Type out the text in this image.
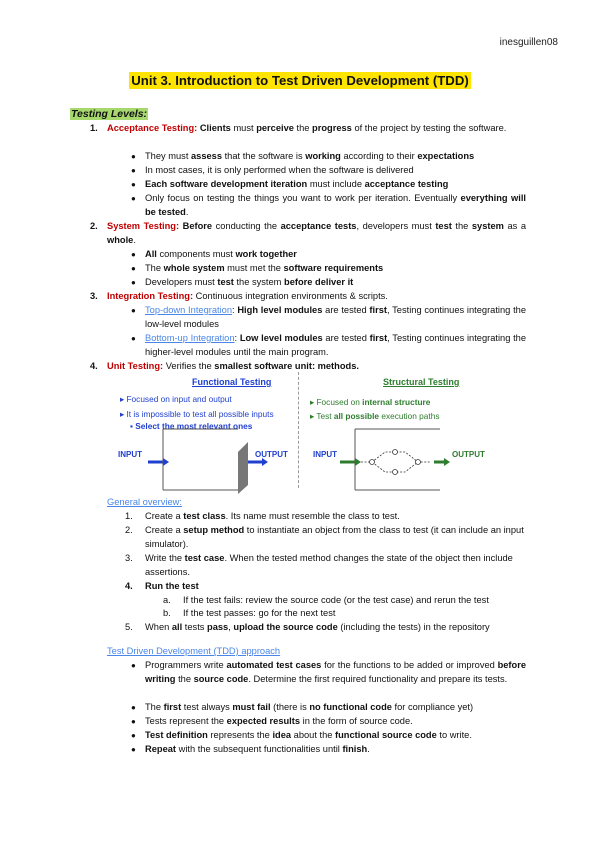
inesguillen08
Unit 3. Introduction to Test Driven Development (TDD)
Testing Levels:
1. Acceptance Testing: Clients must perceive the progress of the project by testing the software.
● They must assess that the software is working according to their expectations
● In most cases, it is only performed when the software is delivered
● Each software development iteration must include acceptance testing
● Only focus on testing the things you want to work per iteration. Eventually everything will be tested.
2. System Testing: Before conducting the acceptance tests, developers must test the system as a whole.
● All components must work together
● The whole system must met the software requirements
● Developers must test the system before deliver it
3. Integration Testing: Continuous integration environments & scripts.
● Top-down Integration: High level modules are tested first, Testing continues integrating the low-level modules
● Bottom-up Integration: Low level modules are tested first, Testing continues integrating the higher-level modules until the main program.
4. Unit Testing: Verifies the smallest software unit: methods.
Functional Testing	Structural Testing
▸ Focused on input and output
▸ It is impossible to test all possible inputs
▪ Select the most relevant ones
▸ Focused on internal structure
▸ Test all possible execution paths
INPUT	OUTPUT	INPUT	OUTPUT
General overview:
1. Create a test class. Its name must resemble the class to test.
2. Create a setup method to instantiate an object from the class to test (it can include an input simulator).
3. Write the test case. When the tested method changes the state of the object then include assertions.
4. Run the test
a. If the test fails: review the source code (or the test case) and rerun the test
b. If the test passes: go for the next test
5. When all tests pass, upload the source code (including the tests) in the repository
Test Driven Development (TDD) approach
● Programmers write automated test cases for the functions to be added or improved before writing the source code. Determine the first required functionality and prepare its tests.
● The first test always must fail (there is no functional code for compliance yet)
● Tests represent the expected results in the form of source code.
● Test definition represents the idea about the functional source code to write.
● Repeat with the subsequent functionalities until finish.
